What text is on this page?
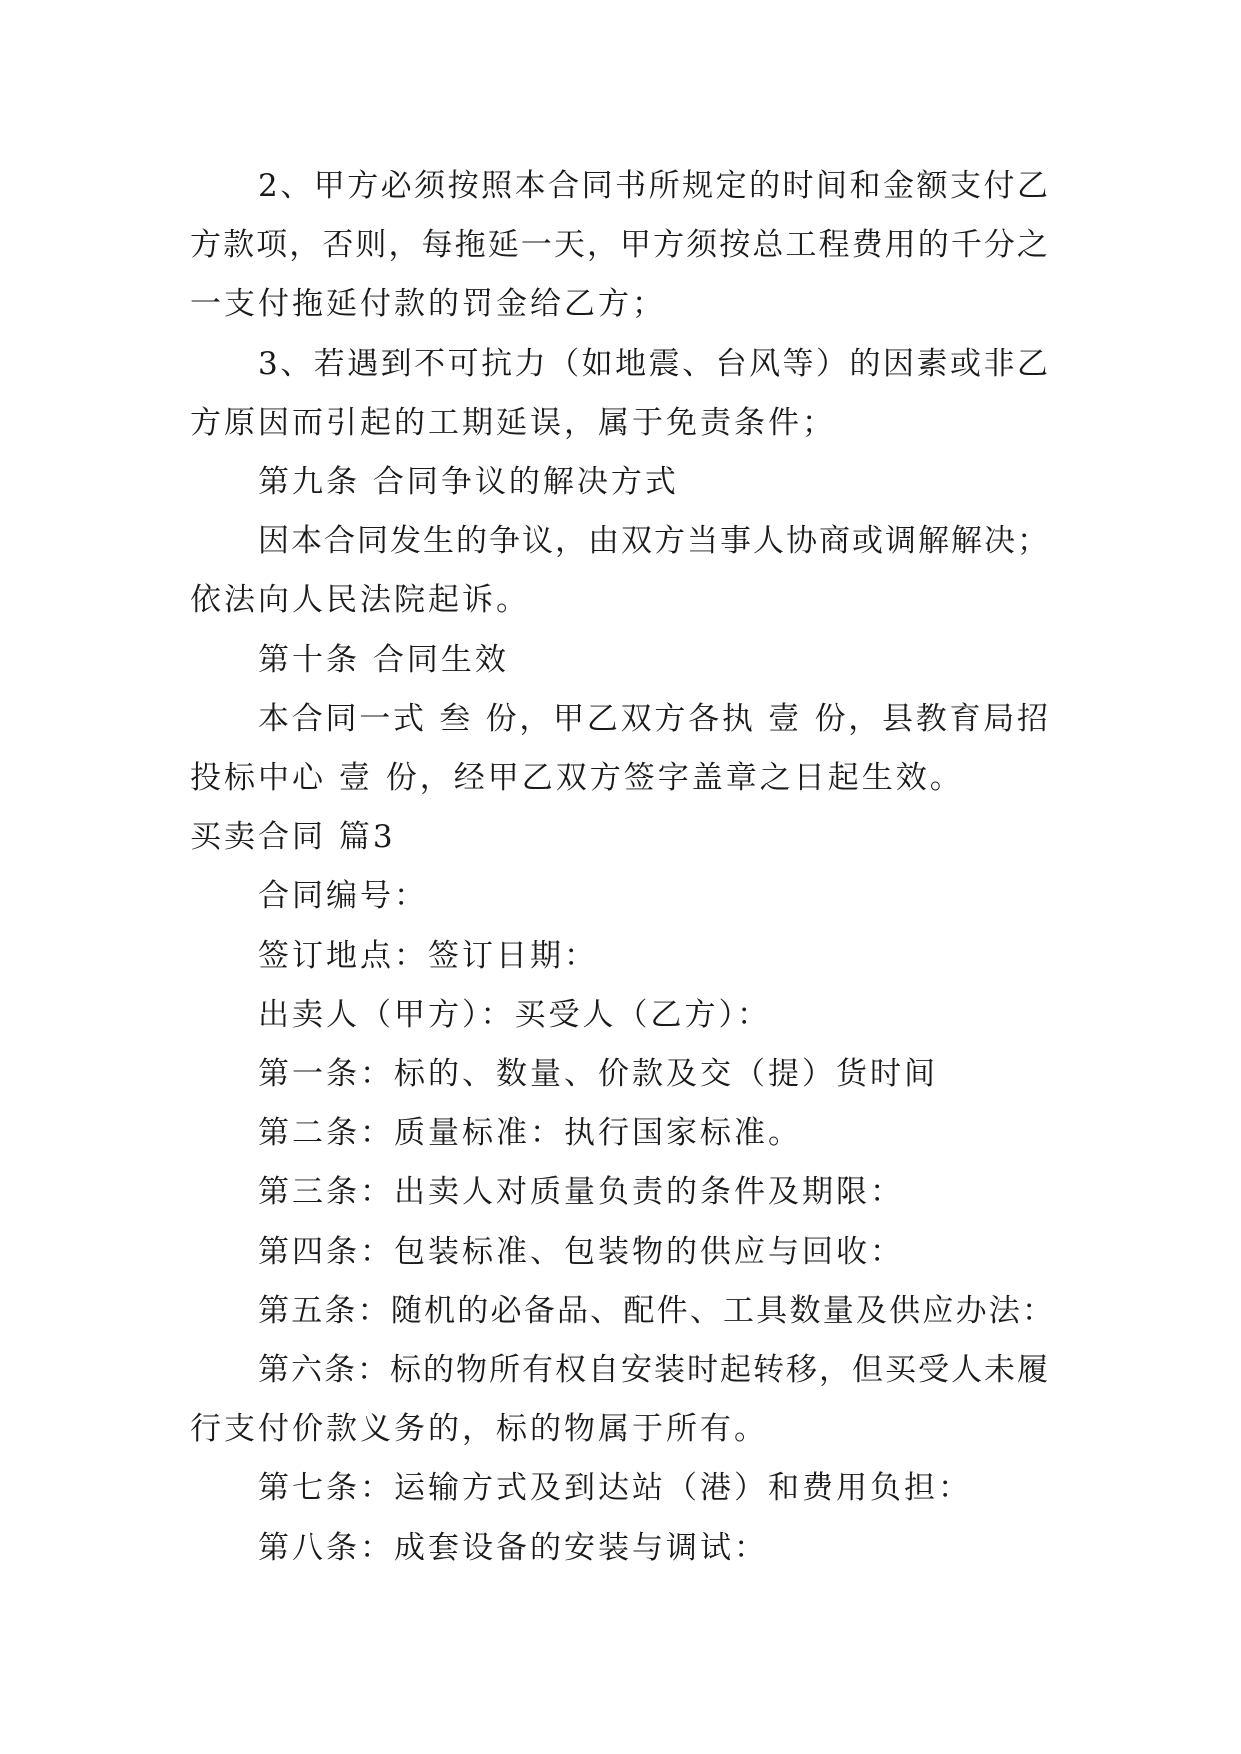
2、甲方必须按照本合同书所规定的时间和金额支付乙
方款项，否则，每拖延一天，甲方须按总工程费用的千分之
一支付拖延付款的罚金给乙方；
3、若遇到不可抗力（如地震、台风等）的因素或非乙
方原因而引起的工期延误，属于免责条件；
第九条 合同争议的解决方式
因本合同发生的争议，由双方当事人协商或调解解决；
依法向人民法院起诉。
第十条 合同生效
本合同一式 叁 份，甲乙双方各执 壹 份，县教育局招
投标中心 壹 份，经甲乙双方签字盖章之日起生效。
买卖合同 篇3
合同编号：
签订地点：签订日期：
出卖人（甲方）：买受人（乙方）：
第一条：标的、数量、价款及交（提）货时间
第二条：质量标准：执行国家标准。
第三条：出卖人对质量负责的条件及期限：
第四条：包装标准、包装物的供应与回收：
第五条：随机的必备品、配件、工具数量及供应办法：
第六条：标的物所有权自安装时起转移，但买受人未履
行支付价款义务的，标的物属于所有。
第七条：运输方式及到达站（港）和费用负担：
第八条：成套设备的安装与调试：
